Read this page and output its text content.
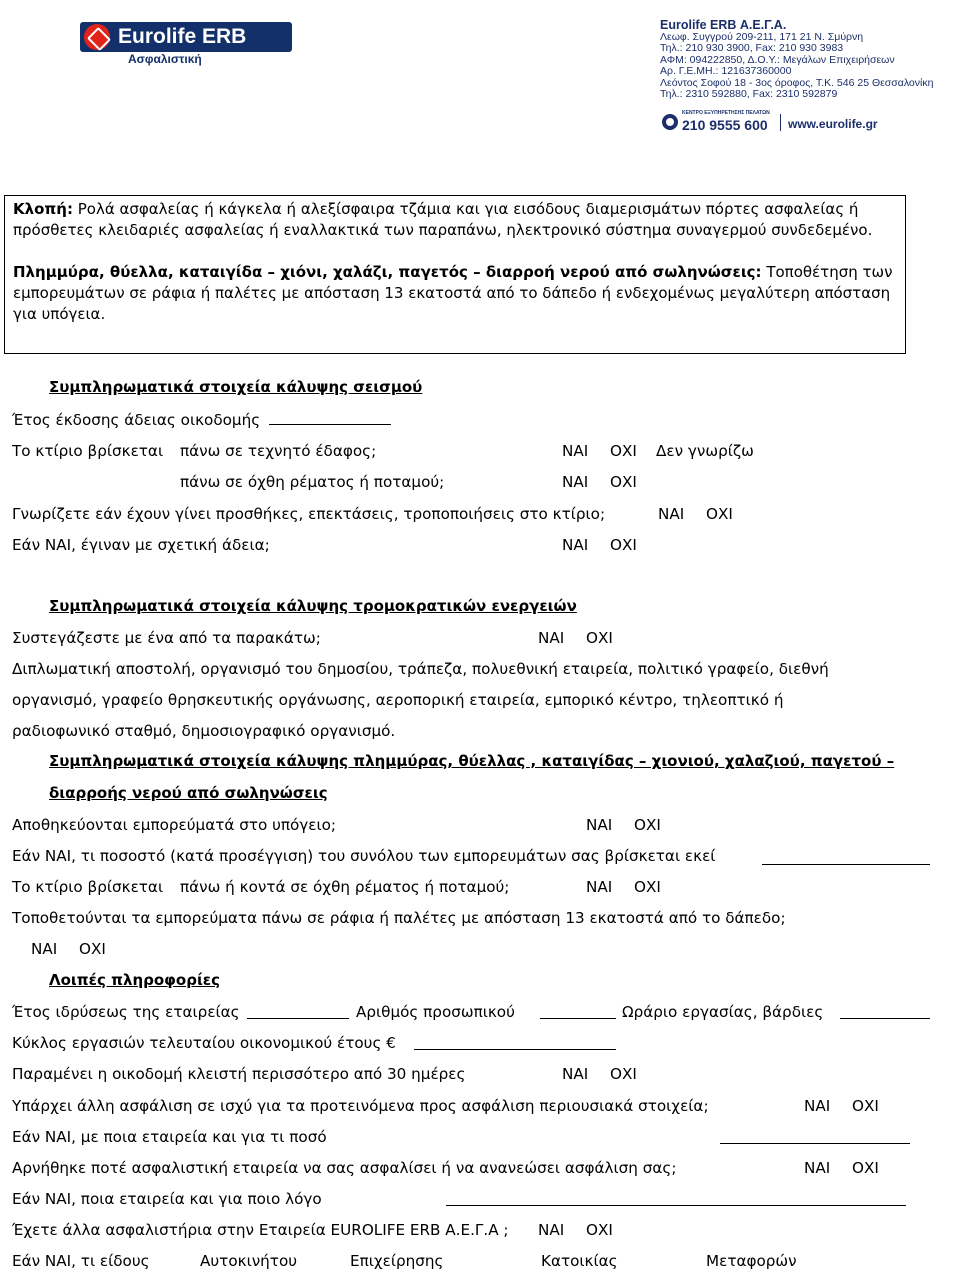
Eurolife ERB
Ασφαλιστική
Eurolife ERB Α.Ε.Γ.Α.
Λεωφ. Συγγρού 209-211, 171 21 Ν. Σμύρνη
Τηλ.: 210 930 3900, Fax: 210 930 3983
ΑΦΜ: 094222850, Δ.Ο.Υ.: Μεγάλων Επιχειρήσεων
Αρ. Γ.Ε.ΜΗ.: 121637360000
Λεόντος Σοφού 18 - 3ος όροφος, Τ.Κ. 546 25 Θεσσαλονίκη
Τηλ.: 2310 592880, Fax: 2310 592879
ΚΕΝΤΡΟ ΕΞΥΠΗΡΕΤΗΣΗΣ ΠΕΛΑΤΩΝ
210 9555 600 www.eurolife.gr

Κλοπή: Ρολά ασφαλείας ή κάγκελα ή αλεξίσφαιρα τζάμια και για εισόδους διαμερισμάτων πόρτες ασφαλείας ή πρόσθετες κλειδαριές ασφαλείας ή εναλλακτικά των παραπάνω, ηλεκτρονικό σύστημα συναγερμού συνδεδεμένο.

Πλημμύρα, θύελλα, καταιγίδα – χιόνι, χαλάζι, παγετός – διαρροή νερού από σωληνώσεις: Τοποθέτηση των εμπορευμάτων σε ράφια ή παλέτες με απόσταση 13 εκατοστά από το δάπεδο ή ενδεχομένως μεγαλύτερη απόσταση για υπόγεια.

Συμπληρωματικά στοιχεία κάλυψης σεισμού
Έτος έκδοσης άδειας οικοδομής
Το κτίριο βρίσκεται πάνω σε τεχνητό έδαφος;	ΝΑΙ ΟΧΙ Δεν γνωρίζω
πάνω σε όχθη ρέματος ή ποταμού;	ΝΑΙ ΟΧΙ
Γνωρίζετε εάν έχουν γίνει προσθήκες, επεκτάσεις, τροποποιήσεις στο κτίριο;	ΝΑΙ ΟΧΙ
Εάν ΝΑΙ, έγιναν με σχετική άδεια;	ΝΑΙ ΟΧΙ
Συμπληρωματικά στοιχεία κάλυψης τρομοκρατικών ενεργειών
Συστεγάζεστε με ένα από τα παρακάτω;	ΝΑΙ ΟΧΙ
Διπλωματική αποστολή, οργανισμό του δημοσίου, τράπεζα, πολυεθνική εταιρεία, πολιτικό γραφείο, διεθνή
οργανισμό, γραφείο θρησκευτικής οργάνωσης, αεροπορική εταιρεία, εμπορικό κέντρο, τηλεοπτικό ή
ραδιοφωνικό σταθμό, δημοσιογραφικό οργανισμό.
Συμπληρωματικά στοιχεία κάλυψης πλημμύρας, θύελλας , καταιγίδας – χιονιού, χαλαζιού, παγετού –
διαρροής νερού από σωληνώσεις
Αποθηκεύονται εμπορεύματά στο υπόγειο;	ΝΑΙ ΟΧΙ
Εάν ΝΑΙ, τι ποσοστό (κατά προσέγγιση) του συνόλου των εμπορευμάτων σας βρίσκεται εκεί
Το κτίριο βρίσκεται πάνω ή κοντά σε όχθη ρέματος ή ποταμού;	ΝΑΙ ΟΧΙ
Τοποθετούνται τα εμπορεύματα πάνω σε ράφια ή παλέτες με απόσταση 13 εκατοστά από το δάπεδο;
ΝΑΙ ΟΧΙ
Λοιπές πληροφορίες
Έτος ιδρύσεως της εταιρείας	Αριθμός προσωπικού	Ωράριο εργασίας, βάρδιες
Κύκλος εργασιών τελευταίου οικονομικού έτους €
Παραμένει η οικοδομή κλειστή περισσότερο από 30 ημέρες	ΝΑΙ ΟΧΙ
Υπάρχει άλλη ασφάλιση σε ισχύ για τα προτεινόμενα προς ασφάλιση περιουσιακά στοιχεία;	ΝΑΙ ΟΧΙ
Εάν ΝΑΙ, με ποια εταιρεία και για τι ποσό
Αρνήθηκε ποτέ ασφαλιστική εταιρεία να σας ασφαλίσει ή να ανανεώσει ασφάλιση σας;	ΝΑΙ ΟΧΙ
Εάν ΝΑΙ, ποια εταιρεία και για ποιο λόγο
Έχετε άλλα ασφαλιστήρια στην Εταιρεία EUROLIFE ERB Α.Ε.Γ.Α ; ΝΑΙ ΟΧΙ
Εάν ΝΑΙ, τι είδους	Αυτοκινήτου	Επιχείρησης	Κατοικίας	Μεταφορών
